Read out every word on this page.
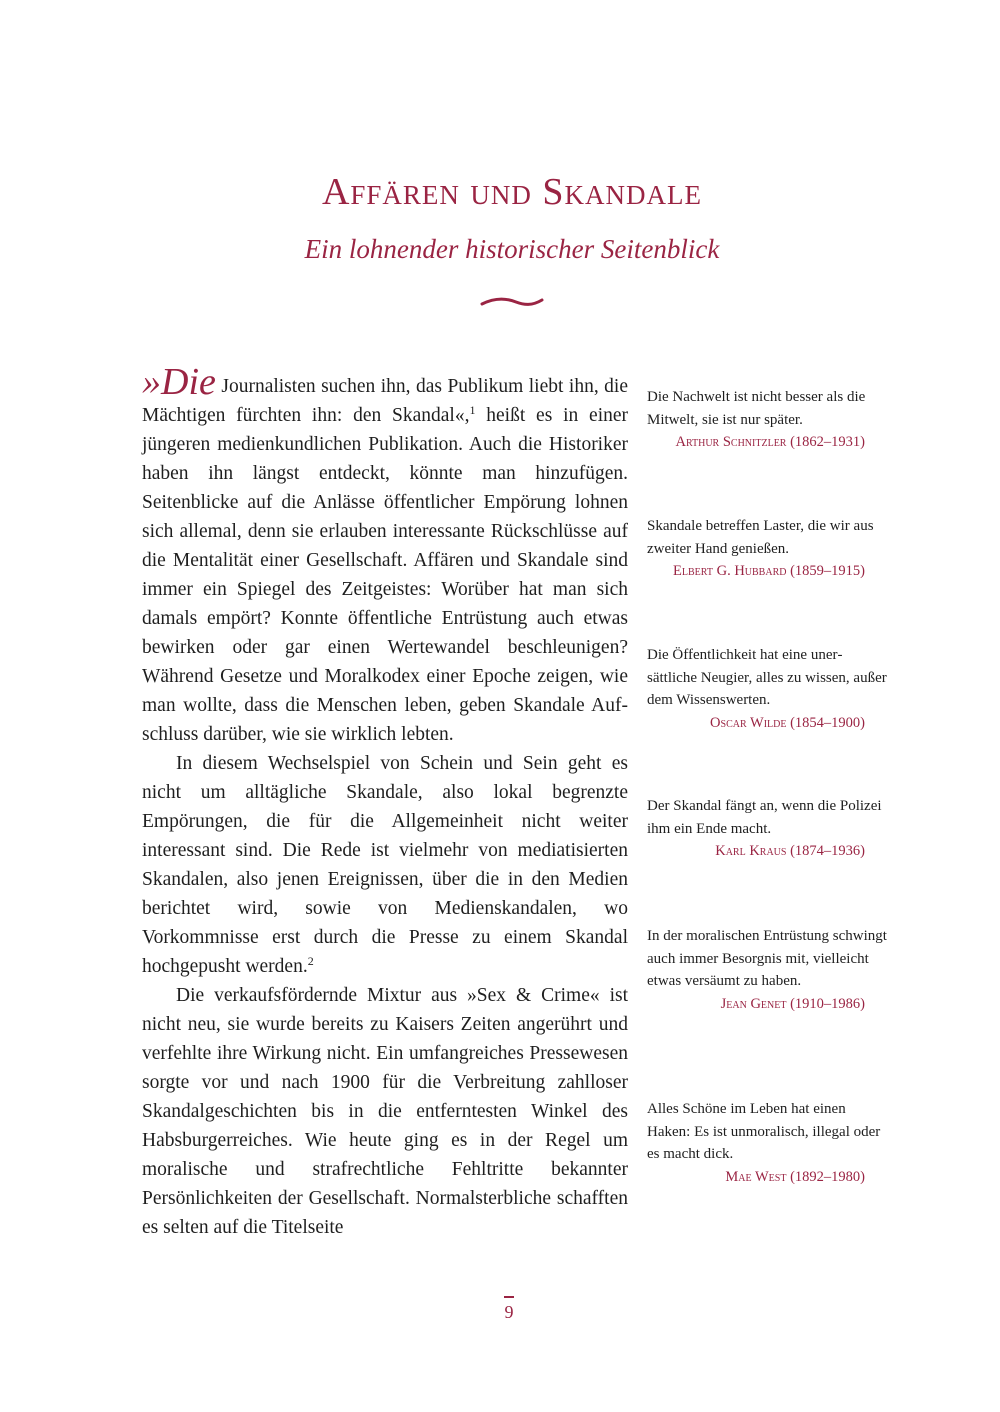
Affären und Skandale
Ein lohnender historischer Seitenblick

»Die Journalisten suchen ihn, das Publikum liebt ihn, die Mächtigen fürchten ihn: den Skandal«,$^1$ heißt es in einer jüngeren medienkundlichen Publikation. Auch die Historiker haben ihn längst entdeckt, könnte man hinzufügen. Seitenblicke auf die Anlässe öffentlicher Empörung lohnen sich allemal, denn sie erlauben interessante Rückschlüsse auf die Mentalität einer Gesellschaft. Affären und Skandale sind immer ein Spiegel des Zeitgeistes: Worüber hat man sich damals empört? Konnte öffentliche Entrüstung auch etwas bewirken oder gar einen Wertewandel beschleunigen? Während Gesetze und Moralkodex einer Epoche zeigen, wie man wollte, dass die Menschen leben, geben Skandale Aufschluss darüber, wie sie wirklich lebten.

In diesem Wechselspiel von Schein und Sein geht es nicht um alltägliche Skandale, also lokal begrenzte Empörungen, die für die Allgemeinheit nicht weiter interessant sind. Die Rede ist vielmehr von mediatisierten Skandalen, also jenen Ereignissen, über die in den Medien berichtet wird, sowie von Medienskandalen, wo Vorkommnisse erst durch die Presse zu einem Skandal hochgepusht werden.$^2$

Die verkaufsfördernde Mixtur aus »Sex & Crime« ist nicht neu, sie wurde bereits zu Kaisers Zeiten angerührt und verfehlte ihre Wirkung nicht. Ein umfangreiches Pressewesen sorgte vor und nach 1900 für die Verbreitung zahlloser Skandalgeschichten bis in die entferntesten Winkel des Habsburgerreiches. Wie heute ging es in der Regel um moralische und strafrechtliche Fehltritte bekannter Persönlichkeiten der Gesellschaft. Normalsterbliche schafften es selten auf die Titelseite

Die Nachwelt ist nicht besser als die Mitwelt, sie ist nur später.
Arthur Schnitzler (1862–1931)
Skandale betreffen Laster, die wir aus zweiter Hand genießen.
Elbert G. Hubbard (1859–1915)
Die Öffentlichkeit hat eine unersättliche Neugier, alles zu wissen, außer dem Wissenswerten.
Oscar Wilde (1854–1900)
Der Skandal fängt an, wenn die Polizei ihm ein Ende macht.
Karl Kraus (1874–1936)
In der moralischen Entrüstung schwingt auch immer Besorgnis mit, vielleicht etwas versäumt zu haben.
Jean Genet (1910–1986)
Alles Schöne im Leben hat einen Haken: Es ist unmoralisch, illegal oder es macht dick.
Mae West (1892–1980)
9
